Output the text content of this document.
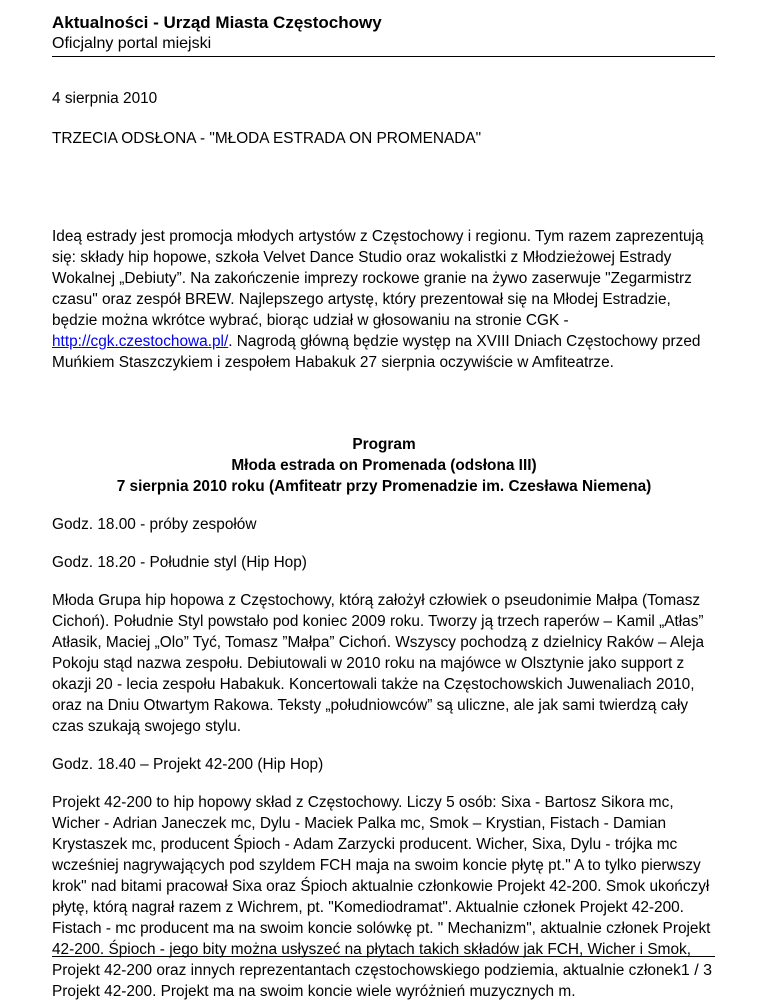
Aktualności - Urząd Miasta Częstochowy
Oficjalny portal miejski

4 sierpnia 2010

TRZECIA ODSŁONA - "MŁODA ESTRADA ON PROMENADA"

Ideą estrady jest promocja młodych artystów z Częstochowy i regionu. Tym razem zaprezentują się: składy hip hopowe, szkoła Velvet Dance Studio oraz wokalistki z Młodzieżowej Estrady Wokalnej „Debiuty”. Na zakończenie imprezy rockowe granie na żywo zaserwuje "Zegarmistrz czasu" oraz zespół BREW. Najlepszego artystę, który prezentował się na Młodej Estradzie, będzie można wkrótce wybrać, biorąc udział w głosowaniu na stronie CGK - http://cgk.czestochowa.pl/. Nagrodą główną będzie występ na XVIII Dniach Częstochowy przed Muńkiem Staszczykiem i zespołem Habakuk 27 sierpnia oczywiście w Amfiteatrze.

Program
Młoda estrada on Promenada (odsłona III)
7 sierpnia 2010 roku (Amfiteatr przy Promenadzie im. Czesława Niemena)

Godz. 18.00 - próby zespołów

Godz. 18.20 - Południe styl (Hip Hop)

Młoda Grupa hip hopowa z Częstochowy, którą założył człowiek o pseudonimie Małpa (Tomasz Cichoń). Południe Styl powstało pod koniec 2009 roku. Tworzy ją trzech raperów – Kamil „Atłas” Atłasik, Maciej „Olo” Tyć, Tomasz ”Małpa” Cichoń. Wszyscy pochodzą z dzielnicy Raków – Aleja Pokoju stąd nazwa zespołu. Debiutowali w 2010 roku na majówce w Olsztynie jako support z okazji 20 - lecia zespołu Habakuk. Koncertowali także na Częstochowskich Juwenaliach 2010, oraz na Dniu Otwartym Rakowa. Teksty „południowców” są uliczne, ale jak sami twierdzą cały czas szukają swojego stylu.

Godz. 18.40 – Projekt 42-200 (Hip Hop)

Projekt 42-200 to hip hopowy skład z Częstochowy. Liczy 5 osób: Sixa - Bartosz Sikora mc, Wicher - Adrian Janeczek mc, Dylu - Maciek Palka mc, Smok – Krystian, Fistach - Damian Krystaszek mc, producent Śpioch - Adam Zarzycki producent. Wicher, Sixa, Dylu - trójka mc wcześniej nagrywających pod szyldem FCH maja na swoim koncie płytę pt." A to tylko pierwszy krok" nad bitami pracował Sixa oraz Śpioch aktualnie członkowie Projekt 42-200. Smok ukończył płytę, którą nagrał razem z Wichrem, pt. "Komediodramat". Aktualnie członek Projekt 42-200. Fistach - mc producent ma na swoim koncie solówkę pt. " Mechanizm", aktualnie członek Projekt 42-200. Śpioch - jego bity można usłyszeć na płytach takich składów jak FCH, Wicher i Smok, Projekt 42-200 oraz innych reprezentantach częstochowskiego podziemia, aktualnie członek Projekt 42-200. Projekt ma na swoim koncie wiele wyróżnień muzycznych m.

1 / 3
